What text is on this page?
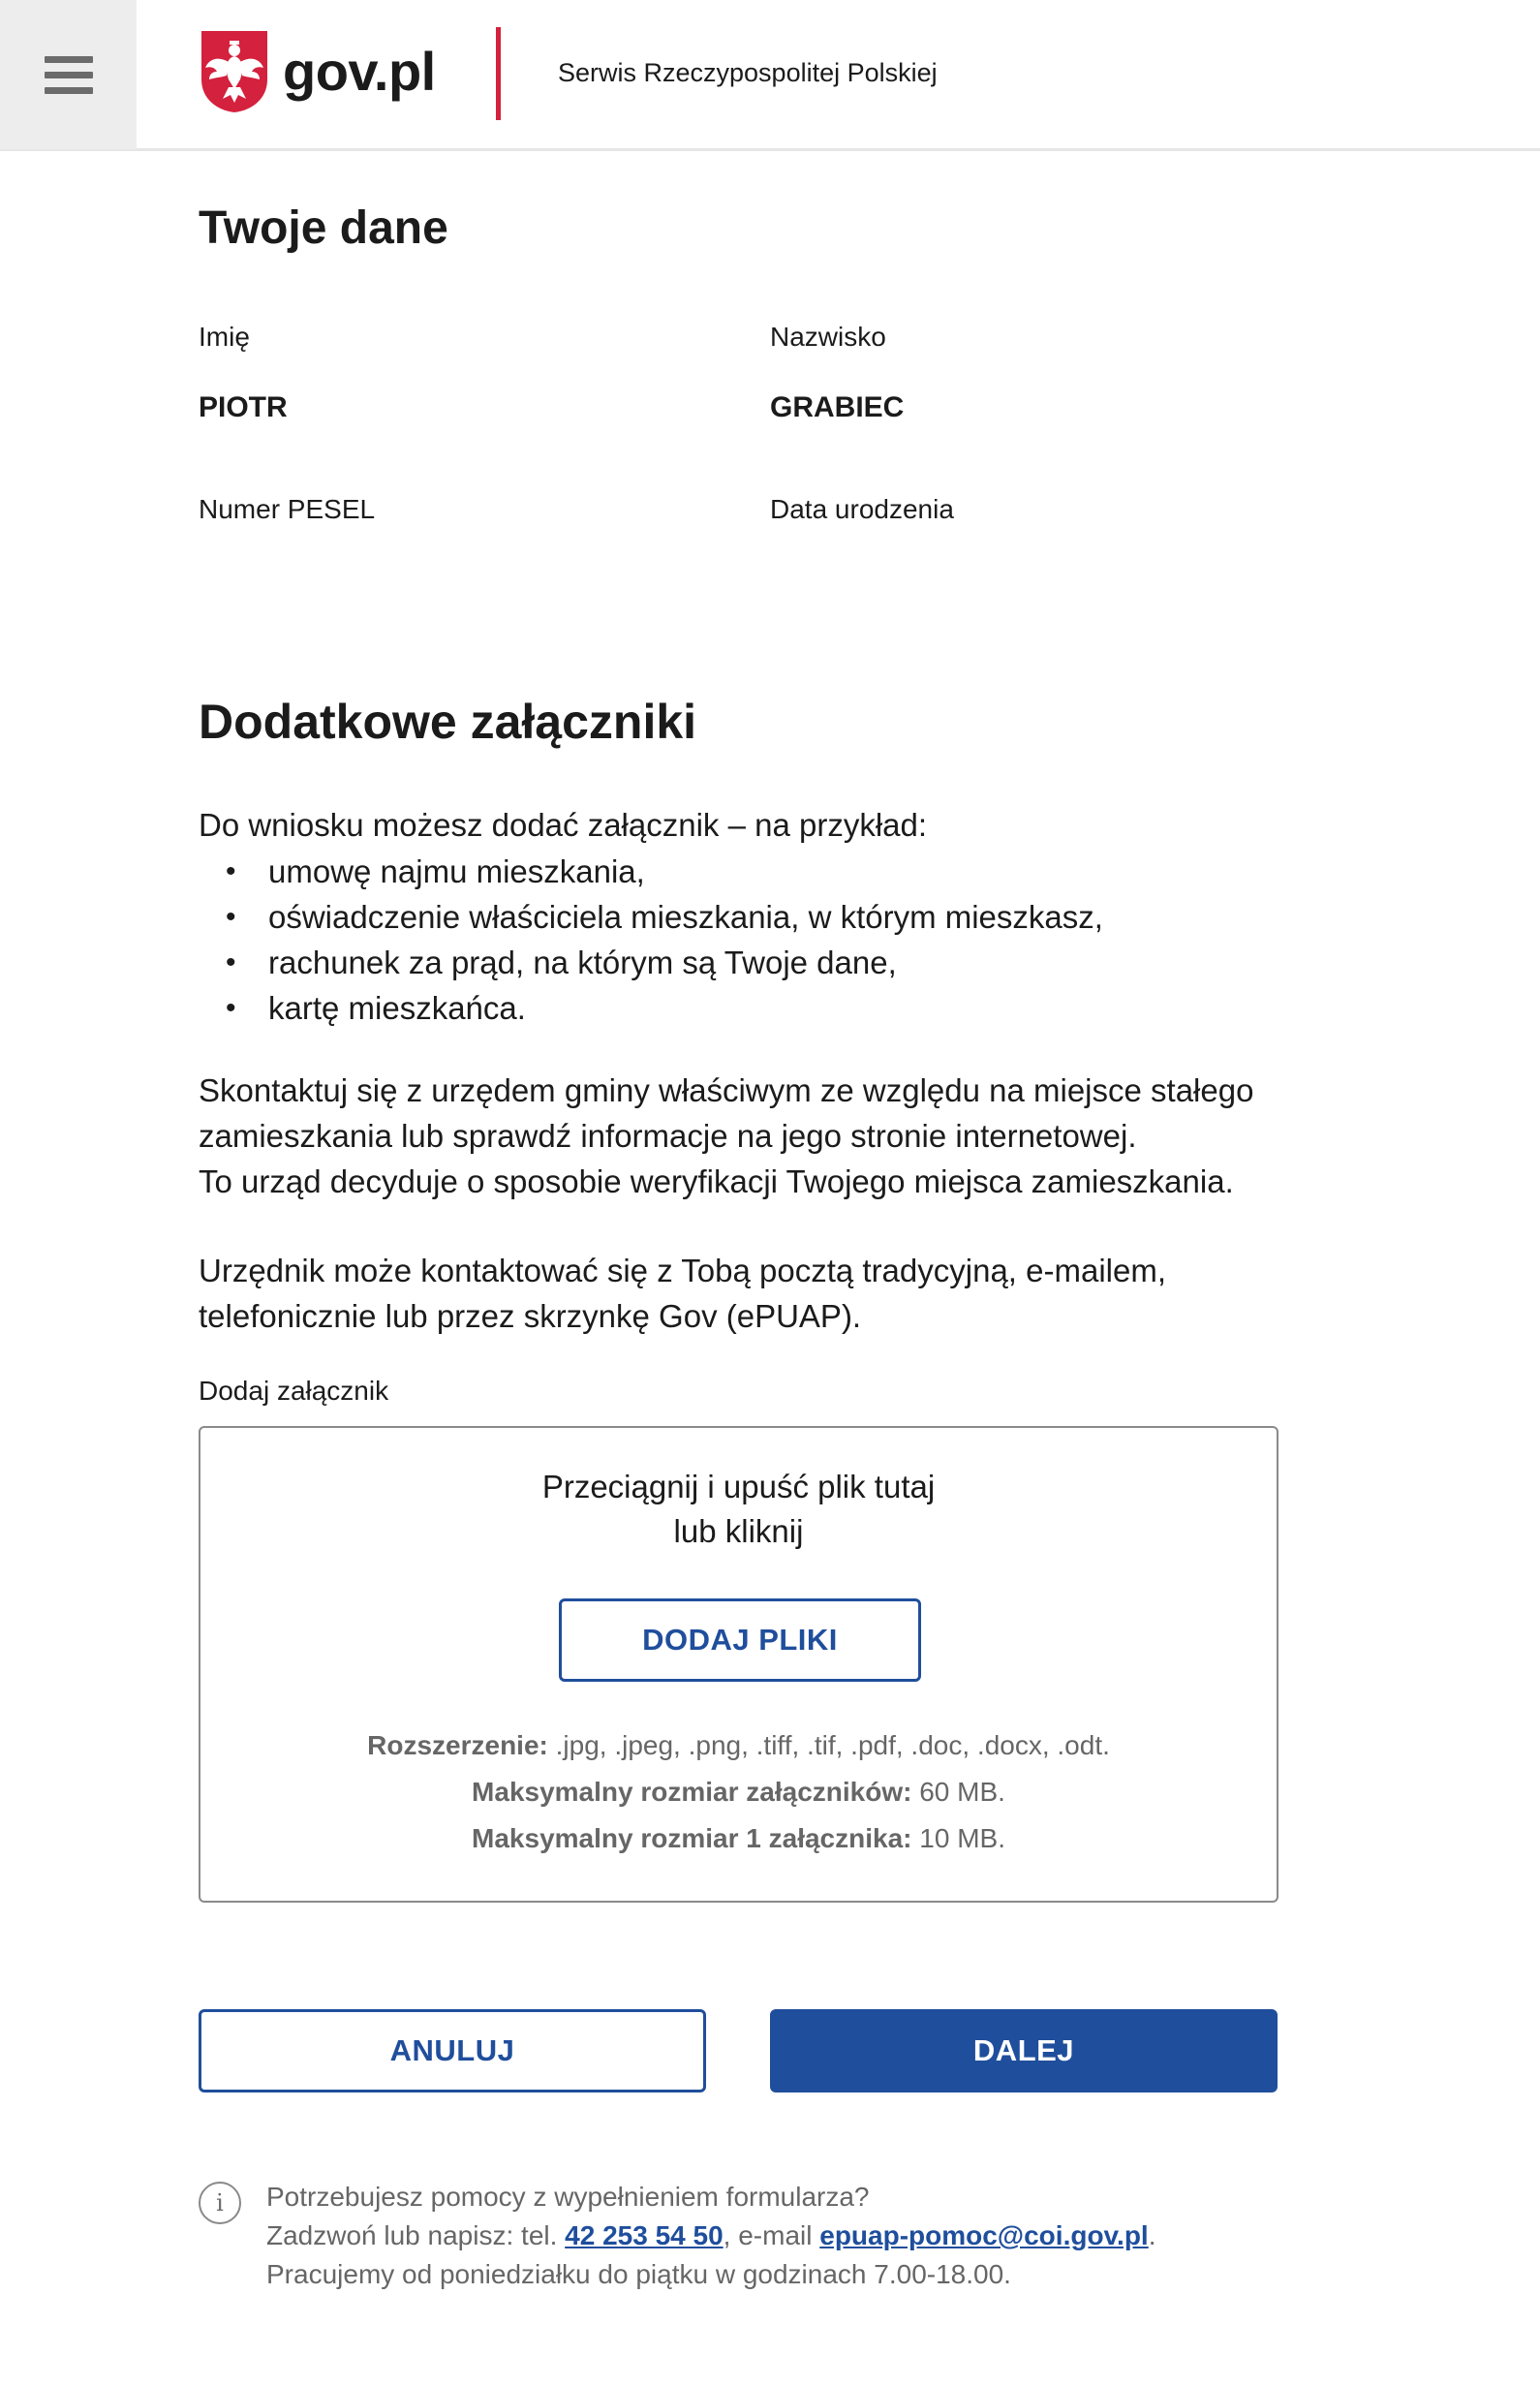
gov.pl	Serwis Rzeczypospolitej Polskiej
Twoje dane
Imię
PIOTR
Nazwisko
GRABIEC
Numer PESEL	Data urodzenia
Dodatkowe załączniki

Do wniosku możesz dodać załącznik – na przykład:

• umowę najmu mieszkania,
• oświadczenie właściciela mieszkania, w którym mieszkasz,
• rachunek za prąd, na którym są Twoje dane,
• kartę mieszkańca.
Skontaktuj się z urzędem gminy właściwym ze względu na miejsce stałego
zamieszkania lub sprawdź informacje na jego stronie internetowej.
To urząd decyduje o sposobie weryfikacji Twojego miejsca zamieszkania.
Urzędnik może kontaktować się z Tobą pocztą tradycyjną, e-mailem,
telefonicznie lub przez skrzynkę Gov (ePUAP).
Dodaj załącznik
Przeciągnij i upuść plik tutaj
lub kliknij
DODAJ PLIKI
Rozszerzenie: .jpg, .jpeg, .png, .tiff, .tif, .pdf, .doc, .docx, .odt.
Maksymalny rozmiar załączników: 60 MB.
Maksymalny rozmiar 1 załącznika: 10 MB.
ANULUJ	DALEJ
i	Potrzebujesz pomocy z wypełnieniem formularza?
Zadzwoń lub napisz: tel. 42 253 54 50, e-mail epuap-pomoc@coi.gov.pl.
Pracujemy od poniedziałku do piątku w godzinach 7.00-18.00.
